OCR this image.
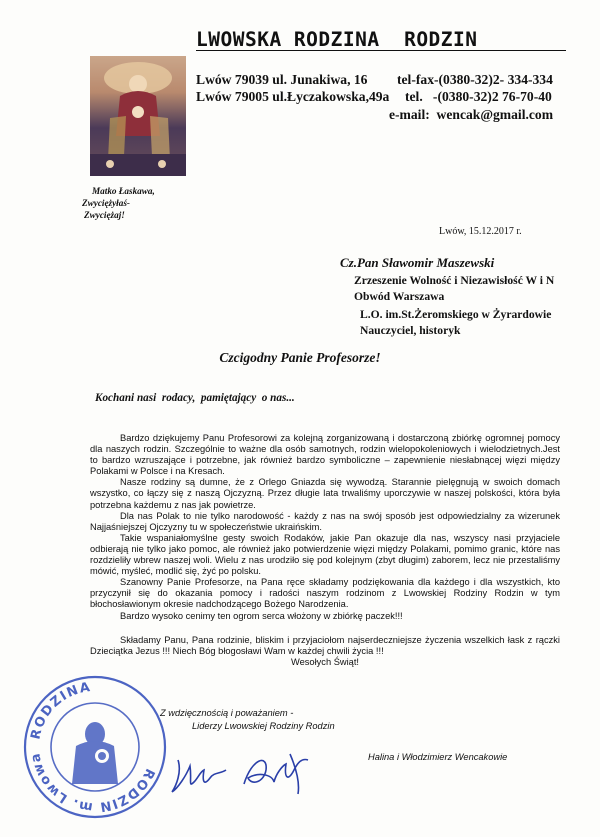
Matko Łaskawa,
Zwyciężyłaś-
Zwyciężaj!
LWOWSKA RODZINA  RODZIN
Lwów 79039 ul. Junakiwa, 16 tel-fax-(0380-32)2- 334-334
Lwów 79005 ul.Łyczakowska,49a tel.   -(0380-32)2 76-70-40
e-mail:  wencak@gmail.com
Lwów, 15.12.2017 r.
Cz.Pan Sławomir Maszewski
Zrzeszenie Wolność i Niezawisłość W i N
Obwód Warszawa
L.O. im.St.Żeromskiego w Żyrardowie
Nauczyciel, historyk
Czcigodny Panie Profesorze!
Kochani nasi  rodacy,  pamiętający  o nas...

Bardzo dziękujemy Panu Profesorowi za kolejną zorganizowaną i dostarczoną zbiórkę ogromnej pomocy dla naszych rodzin. Szczególnie to ważne dla osób samotnych, rodzin wielopokoleniowych i wielodzietnych.Jest to bardzo wzruszające i potrzebne, jak również bardzo symboliczne – zapewnienie niesłabnącej więzi między Polakami w Polsce i na Kresach.

Nasze rodziny są dumne, że z Orlego Gniazda się wywodzą. Starannie pielęgnują w swoich domach wszystko, co łączy się z naszą Ojczyzną. Przez długie lata trwaliśmy uporczywie w naszej polskości, która była potrzebna każdemu z nas jak powietrze.

Dla nas Polak to nie tylko narodowość - każdy z nas na swój sposób jest odpowiedzialny za wizerunek Najjaśniejszej Ojczyzny tu w społeczeństwie ukraińskim.

Takie wspaniałomyślne gesty swoich Rodaków, jakie Pan okazuje dla nas, wszyscy nasi przyjaciele odbierają nie tylko jako pomoc, ale również jako potwierdzenie więzi między Polakami, pomimo granic, które nas rozdzieliły wbrew naszej woli. Wielu z nas urodziło się pod kolejnym (zbyt długim) zaborem, lecz nie przestaliśmy mówić, myśleć, modlić się, żyć po polsku.

Szanowny Panie Profesorze, na Pana ręce składamy podziękowania dla każdego i dla wszystkich, kto przyczynił się do okazania pomocy i radości naszym rodzinom z Lwowskiej Rodziny Rodzin w tym błochosławionym okresie nadchodzącego Bożego Narodzenia.

Bardzo wysoko cenimy ten ogrom serca włożony w zbiórkę paczek!!!

Składamy Panu, Pana rodzinie, bliskim i przyjaciołom najserdeczniejsze życzenia wszelkich łask z rączki Dzieciątka Jezus !!! Niech Bóg błogosławi Wam w każdej chwili życia !!!

Wesołych Świąt!

Z wdzięcznością i poważaniem -
Liderzy Lwowskiej Rodziny Rodzin
Halina i Włodzimierz Wencakowie
RODZINA
RODZIN m. Lwowa
